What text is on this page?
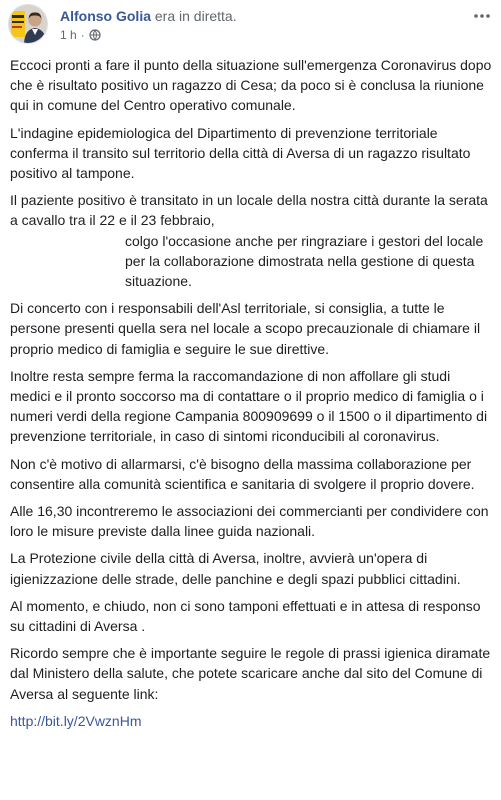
Alfonso Golia era in diretta.
1 h ·

Eccoci pronti a fare il punto della situazione sull'emergenza Coronavirus dopo che è risultato positivo un ragazzo di Cesa; da poco si è conclusa la riunione qui in comune del Centro operativo comunale.

L'indagine epidemiologica del Dipartimento di prevenzione territoriale conferma il transito sul territorio della città di Aversa di un ragazzo risultato positivo al tampone.

Il paziente positivo è transitato in un locale della nostra città durante la serata a cavallo tra il 22 e il 23 febbraio,

colgo l'occasione anche per ringraziare i gestori del locale per la collaborazione dimostrata nella gestione di questa situazione.

Di concerto con i responsabili dell'Asl territoriale, si consiglia, a tutte le persone presenti quella sera nel locale a scopo precauzionale di chiamare il proprio medico di famiglia e seguire le sue direttive.

Inoltre resta sempre ferma la raccomandazione di non affollare gli studi medici e il pronto soccorso ma di contattare o il proprio medico di famiglia o i numeri verdi della regione Campania 800909699 o il 1500 o il dipartimento di prevenzione territoriale, in caso di sintomi riconducibili al coronavirus.

Non c'è motivo di allarmarsi, c'è bisogno della massima collaborazione per consentire alla comunità scientifica e sanitaria di svolgere il proprio dovere.

Alle 16,30 incontreremo le associazioni dei commercianti per condividere con loro le misure previste dalla linee guida nazionali.

La Protezione civile della città di Aversa, inoltre, avvierà un'opera di igienizzazione delle strade, delle panchine e degli spazi pubblici cittadini.

Al momento, e chiudo, non ci sono tamponi effettuati e in attesa di responso su cittadini di Aversa .

Ricordo sempre che è importante seguire le regole di prassi igienica diramate dal Ministero della salute, che potete scaricare anche dal sito del Comune di Aversa al seguente link:

http://bit.ly/2VwznHm
